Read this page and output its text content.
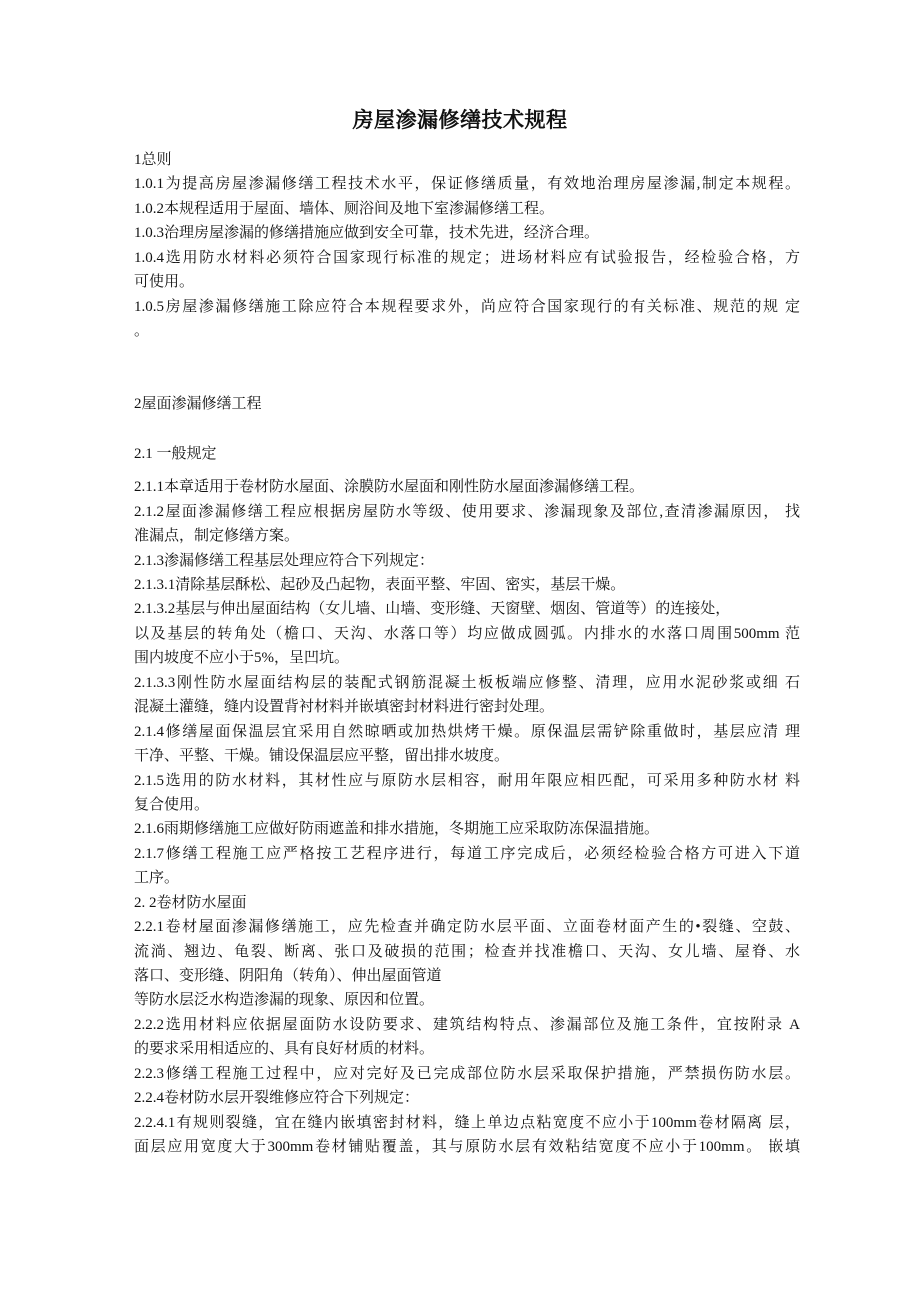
房屋渗漏修缮技术规程
1总则
1.0.1为提高房屋渗漏修缮工程技术水平，保证修缮质量，有效地治理房屋渗漏,制定本规程。
1.0.2本规程适用于屋面、墙体、厕浴间及地下室渗漏修缮工程。
1.0.3治理房屋渗漏的修缮措施应做到安全可靠，技术先进，经济合理。
1.0.4选用防水材料必须符合国家现行标准的规定；进场材料应有试验报告，经检验合格，方
可使用。
1.0.5房屋渗漏修缮施工除应符合本规程要求外，尚应符合国家现行的有关标准、规范的规 定
。
2屋面渗漏修缮工程
2.1 一般规定
2.1.1本章适用于卷材防水屋面、涂膜防水屋面和刚性防水屋面渗漏修缮工程。
2.1.2屋面渗漏修缮工程应根据房屋防水等级、使用要求、渗漏现象及部位,查清渗漏原因， 找
准漏点，制定修缮方案。
2.1.3渗漏修缮工程基层处理应符合下列规定：
2.1.3.1清除基层酥松、起砂及凸起物，表面平整、牢固、密实，基层干燥。
2.1.3.2基层与伸出屋面结构（女儿墙、山墙、变形缝、天窗壁、烟囱、管道等）的连接处，
以及基层的转角处（檐口、天沟、水落口等）均应做成圆弧。内排水的水落口周围500mm 范
围内坡度不应小于5%，呈凹坑。
2.1.3.3刚性防水屋面结构层的装配式钢筋混凝土板板端应修整、清理，应用水泥砂浆或细 石
混凝土灌缝，缝内设置背衬材料并嵌填密封材料进行密封处理。
2.1.4修缮屋面保温层宜采用自然晾晒或加热烘烤干燥。原保温层需铲除重做时，基层应清 理
干净、平整、干燥。铺设保温层应平整，留出排水坡度。
2.1.5选用的防水材料，其材性应与原防水层相容，耐用年限应相匹配，可采用多种防水材 料
复合使用。
2.1.6雨期修缮施工应做好防雨遮盖和排水措施，冬期施工应采取防冻保温措施。
2.1.7修缮工程施工应严格按工艺程序进行，每道工序完成后，必须经检验合格方可进入下道
工序。
2. 2卷材防水屋面
2.2.1卷材屋面渗漏修缮施工，应先检查并确定防水层平面、立面卷材面产生的•裂缝、空鼓、
流淌、翘边、龟裂、断离、张口及破损的范围；检查并找准檐口、天沟、女儿墙、屋脊、水
落口、变形缝、阴阳角（转角）、伸出屋面管道
等防水层泛水构造渗漏的现象、原因和位置。
2.2.2选用材料应依据屋面防水设防要求、建筑结构特点、渗漏部位及施工条件，宜按附录 A
的要求采用相适应的、具有良好材质的材料。
2.2.3修缮工程施工过程中，应对完好及已完成部位防水层采取保护措施，严禁损伤防水层。
2.2.4卷材防水层开裂维修应符合下列规定：
2.2.4.1有规则裂缝，宜在缝内嵌填密封材料，缝上单边点粘宽度不应小于100mm卷材隔离 层，
面层应用宽度大于300mm卷材铺贴覆盖，其与原防水层有效粘结宽度不应小于100mm。 嵌填
